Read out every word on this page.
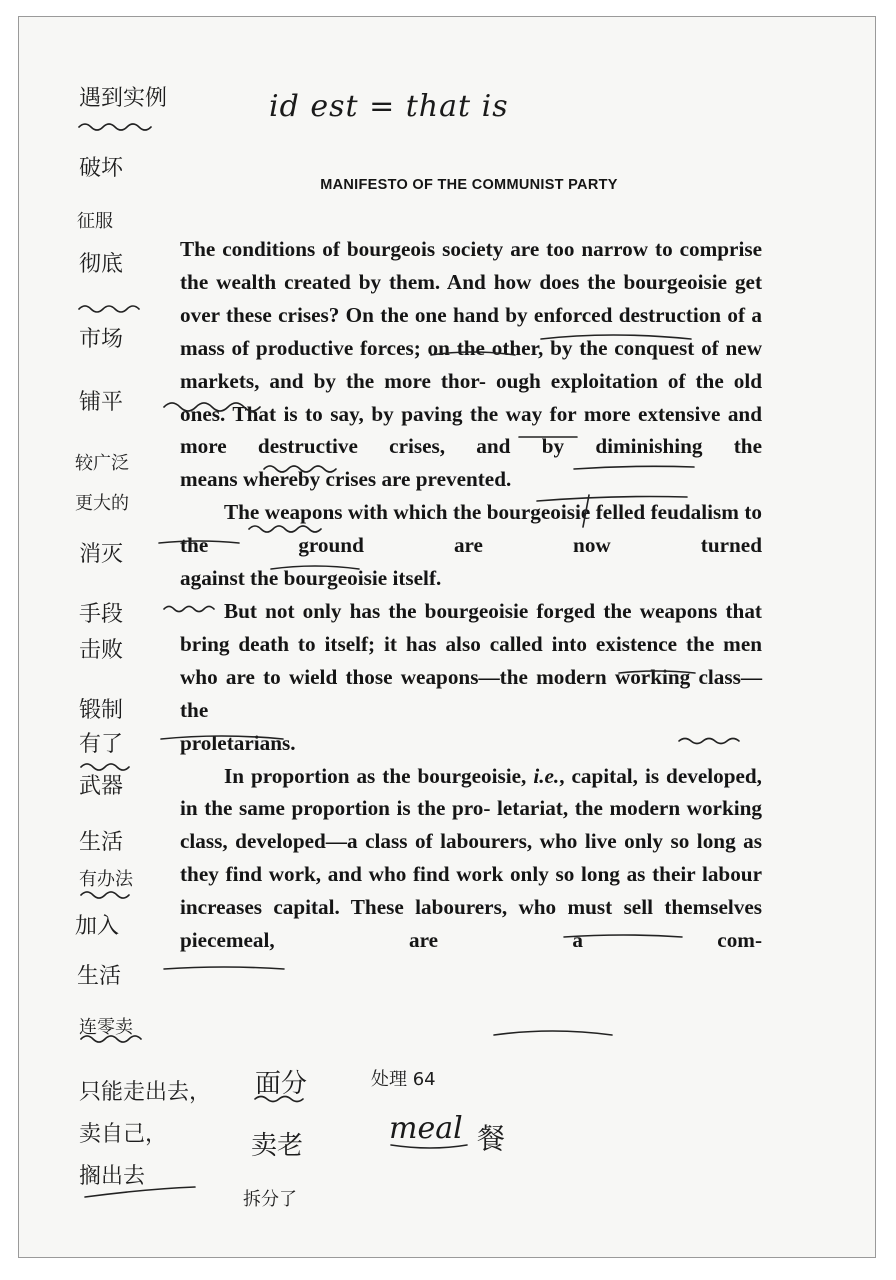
id est = that is
MANIFESTO OF THE COMMUNIST PARTY

The conditions of bourgeois society are too narrow to comprise the wealth created by them. And how does the bourgeoisie get over these crises? On the one hand by enforced destruction of a mass of productive forces; on the other, by the conquest of new markets, and by the more thor- ough exploitation of the old ones. That is to say, by paving the way for more extensive and more destructive crises, and by diminishing the

means whereby crises are prevented.

The weapons with which the bourgeoisie felled feudalism to the ground are now turned

against the bourgeoisie itself.

But not only has the bourgeoisie forged the weapons that bring death to itself; it has also called into existence the men who are to wield those weapons—the modern working class—the

proletarians.

In proportion as the bourgeoisie, i.e., capital, is developed, in the same proportion is the pro- letariat, the modern working class, developed—a class of labourers, who live only so long as they find work, and who find work only so long as their labour increases capital. These labourers, who must sell themselves piecemeal, are a com-

遇到实例
破坏
征服
彻底
市场
铺平
较广泛
更大的
消灭
手段
击败
锻制
有了
武器
生活
有办法
加入
生活
连零卖
只能走出去，
卖自己，
搁出去
面分
卖老
拆分了
处理 64
meal 餐
